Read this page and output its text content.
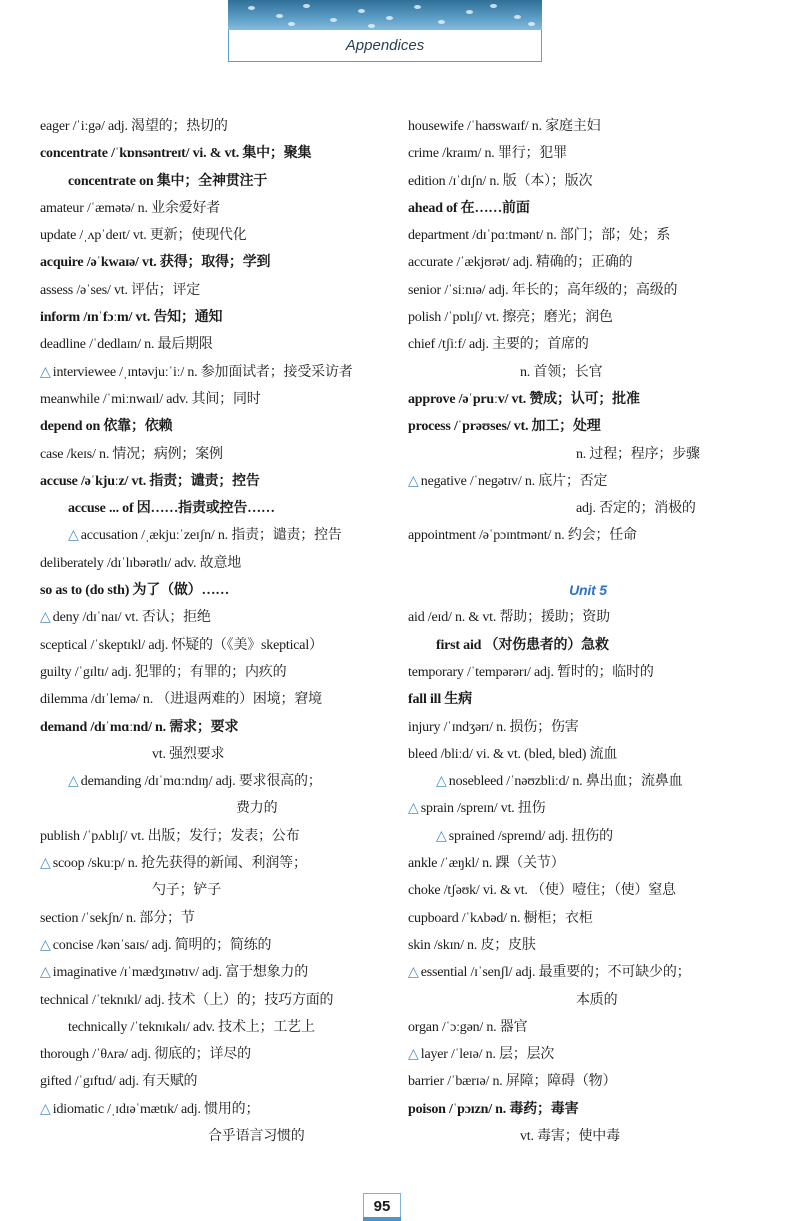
Appendices
eager /ˈiːgə/ adj. 渴望的；热切的
concentrate /ˈkɒnsəntreɪt/ vi. & vt. 集中；聚集
concentrate on 集中；全神贯注于
amateur /ˈæmətə/ n. 业余爱好者
update /ˌʌpˈdeɪt/ vt. 更新；使现代化
acquire /əˈkwaɪə/ vt. 获得；取得；学到
assess /əˈses/ vt. 评估；评定
inform /ɪnˈfɔːm/ vt. 告知；通知
deadline /ˈdedlaɪn/ n. 最后期限
△ interviewee /ˌɪntəvjuːˈiː/ n. 参加面试者；接受采访者
meanwhile /ˈmiːnwaɪl/ adv. 其间；同时
depend on 依靠；依赖
case /keɪs/ n. 情况；病例；案例
accuse /əˈkjuːz/ vt. 指责；谴责；控告
accuse ... of 因……指责或控告……
△ accusation /ˌækjuːˈzeɪʃn/ n. 指责；谴责；控告
deliberately /dɪˈlɪbərətlɪ/ adv. 故意地
so as to (do sth) 为了（做）……
△ deny /dɪˈnaɪ/ vt. 否认；拒绝
sceptical /ˈskeptɪkl/ adj. 怀疑的（《美》skeptical）
guilty /ˈgɪltɪ/ adj. 犯罪的；有罪的；内疚的
dilemma /dɪˈlemə/ n. （进退两难的）困境；窘境
demand /dɪˈmɑːnd/ n. 需求；要求
vt. 强烈要求
△ demanding /dɪˈmɑːndɪŋ/ adj. 要求很高的；
费力的
publish /ˈpʌblɪʃ/ vt. 出版；发行；发表；公布
△ scoop /skuːp/ n. 抢先获得的新闻、利润等；
勺子；铲子
section /ˈsekʃn/ n. 部分；节
△ concise /kənˈsaɪs/ adj. 简明的；简练的
△ imaginative /ɪˈmædʒɪnətɪv/ adj. 富于想象力的
technical /ˈteknɪkl/ adj. 技术（上）的；技巧方面的
technically /ˈteknɪkəlɪ/ adv. 技术上；工艺上
thorough /ˈθʌrə/ adj. 彻底的；详尽的
gifted /ˈgɪftɪd/ adj. 有天赋的
△ idiomatic /ˌɪdɪəˈmætɪk/ adj. 惯用的；
合乎语言习惯的
housewife /ˈhaʊswaɪf/ n. 家庭主妇
crime /kraɪm/ n. 罪行；犯罪
edition /ɪˈdɪʃn/ n. 版（本）；版次
ahead of 在……前面
department /dɪˈpɑːtmənt/ n. 部门；部；处；系
accurate /ˈækjʊrət/ adj. 精确的；正确的
senior /ˈsiːnɪə/ adj. 年长的；高年级的；高级的
polish /ˈpɒlɪʃ/ vt. 擦亮；磨光；润色
chief /tʃiːf/ adj. 主要的；首席的
n. 首领；长官
approve /əˈpruːv/ vt. 赞成；认可；批准
process /ˈprəʊses/ vt. 加工；处理
n. 过程；程序；步骤
△ negative /ˈnegətɪv/ n. 底片；否定
adj. 否定的；消极的
appointment /əˈpɔɪntmənt/ n. 约会；任命
Unit 5
aid /eɪd/ n. & vt. 帮助；援助；资助
first aid （对伤患者的）急救
temporary /ˈtempərərɪ/ adj. 暂时的；临时的
fall ill 生病
injury /ˈɪndʒərɪ/ n. 损伤；伤害
bleed /bliːd/ vi. & vt. (bled, bled) 流血
△ nosebleed /ˈnəʊzbliːd/ n. 鼻出血；流鼻血
△ sprain /spreɪn/ vt. 扭伤
△ sprained /spreɪnd/ adj. 扭伤的
ankle /ˈæŋkl/ n. 踝（关节）
choke /tʃəʊk/ vi. & vt. （使）噎住；（使）窒息
cupboard /ˈkʌbəd/ n. 橱柜；衣柜
skin /skɪn/ n. 皮；皮肤
△ essential /ɪˈsenʃl/ adj. 最重要的；不可缺少的；
本质的
organ /ˈɔːgən/ n. 器官
△ layer /ˈleɪə/ n. 层；层次
barrier /ˈbærɪə/ n. 屏障；障碍（物）
poison /ˈpɔɪzn/ n. 毒药；毒害
vt. 毒害；使中毒
95
